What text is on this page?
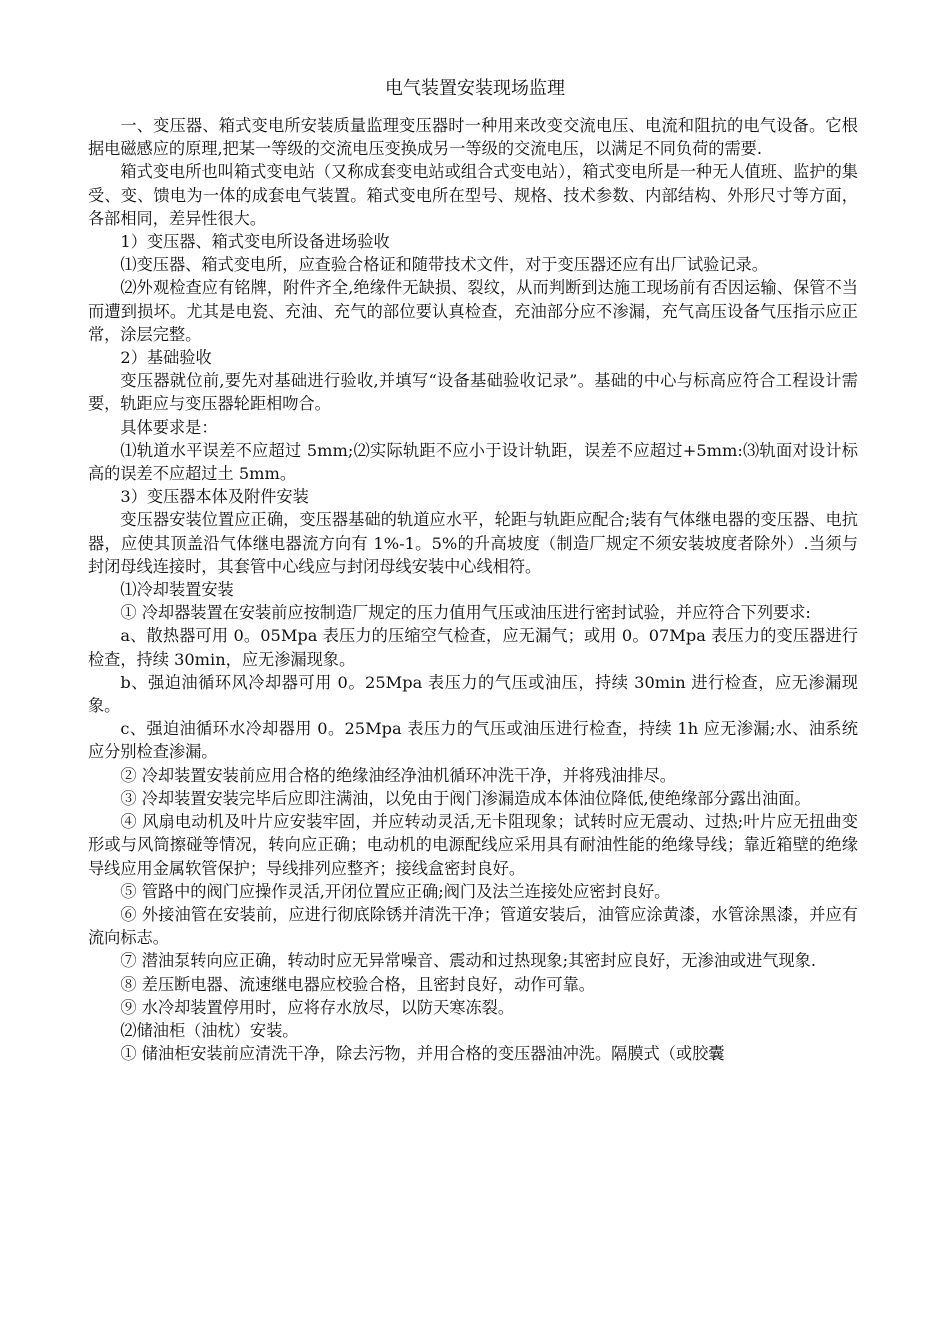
电气装置安装现场监理

一、变压器、箱式变电所安装质量监理变压器时一种用来改变交流电压、电流和阻抗的电气设备。它根据电磁感应的原理,把某一等级的交流电压变换成另一等级的交流电压，以满足不同负荷的需要.

箱式变电所也叫箱式变电站（又称成套变电站或组合式变电站），箱式变电所是一种无人值班、监护的集受、变、馈电为一体的成套电气装置。箱式变电所在型号、规格、技术参数、内部结构、外形尺寸等方面，各部相同，差异性很大。

1）变压器、箱式变电所设备进场验收

⑴变压器、箱式变电所，应查验合格证和随带技术文件，对于变压器还应有出厂试验记录。

⑵外观检查应有铭牌，附件齐全,绝缘件无缺损、裂纹，从而判断到达施工现场前有否因运输、保管不当而遭到损坏。尤其是电瓷、充油、充气的部位要认真检查，充油部分应不渗漏，充气高压设备气压指示应正常，涂层完整。

2）基础验收

变压器就位前,要先对基础进行验收,并填写“设备基础验收记录”。基础的中心与标高应符合工程设计需要，轨距应与变压器轮距相吻合。

具体要求是：

⑴轨道水平误差不应超过 5mm;⑵实际轨距不应小于设计轨距，误差不应超过+5mm:⑶轨面对设计标高的误差不应超过土 5mm。

3）变压器本体及附件安装

变压器安装位置应正确，变压器基础的轨道应水平，轮距与轨距应配合;装有气体继电器的变压器、电抗器，应使其顶盖沿气体继电器流方向有 1%-1。5%的升高坡度（制造厂规定不须安装坡度者除外）.当须与封闭母线连接时，其套管中心线应与封闭母线安装中心线相符。

⑴冷却装置安装

① 冷却器装置在安装前应按制造厂规定的压力值用气压或油压进行密封试验，并应符合下列要求:

a、散热器可用 0。05Mpa 表压力的压缩空气检查，应无漏气；或用 0。07Mpa 表压力的变压器进行检查，持续 30min，应无渗漏现象。

b、强迫油循环风冷却器可用 0。25Mpa 表压力的气压或油压，持续 30min 进行检查，应无渗漏现象。

c、强迫油循环水冷却器用 0。25Mpa 表压力的气压或油压进行检查，持续 1h 应无渗漏;水、油系统应分别检查渗漏。

② 冷却装置安装前应用合格的绝缘油经净油机循环冲洗干净，并将残油排尽。

③ 冷却装置安装完毕后应即注满油，以免由于阀门渗漏造成本体油位降低,使绝缘部分露出油面。

④ 风扇电动机及叶片应安装牢固，并应转动灵活,无卡阻现象；试转时应无震动、过热;叶片应无扭曲变形或与风筒擦碰等情况，转向应正确；电动机的电源配线应采用具有耐油性能的绝缘导线；靠近箱壁的绝缘导线应用金属软管保护；导线排列应整齐；接线盒密封良好。

⑤ 管路中的阀门应操作灵活,开闭位置应正确;阀门及法兰连接处应密封良好。

⑥ 外接油管在安装前，应进行彻底除锈并清洗干净；管道安装后，油管应涂黄漆，水管涂黑漆，并应有流向标志。

⑦ 潜油泵转向应正确，转动时应无异常噪音、震动和过热现象;其密封应良好，无渗油或进气现象.

⑧ 差压断电器、流速继电器应校验合格，且密封良好，动作可靠。

⑨ 水冷却装置停用时，应将存水放尽，以防天寒冻裂。

⑵储油柜（油枕）安装。

① 储油柜安装前应清洗干净，除去污物，并用合格的变压器油冲洗。隔膜式（或胶囊
